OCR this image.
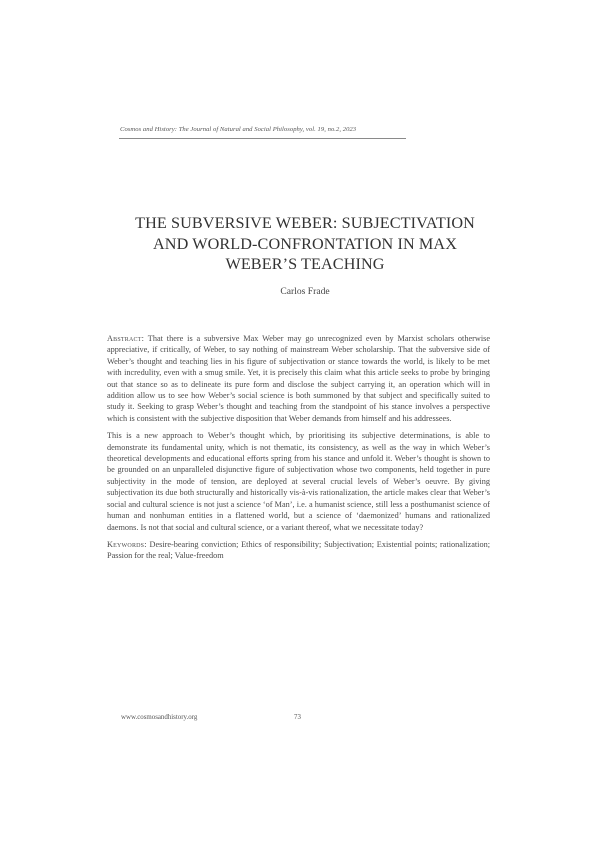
Cosmos and History: The Journal of Natural and Social Philosophy, vol. 19, no.2, 2023
THE SUBVERSIVE WEBER: SUBJECTIVATION
AND WORLD-CONFRONTATION IN MAX
WEBER’S TEACHING
Carlos Frade

Abstract: That there is a subversive Max Weber may go unrecognized even by Marxist scholars otherwise appreciative, if critically, of Weber, to say nothing of mainstream Weber scholarship. That the subversive side of Weber’s thought and teaching lies in his figure of subjectivation or stance towards the world, is likely to be met with incredulity, even with a smug smile. Yet, it is precisely this claim what this article seeks to probe by bringing out that stance so as to delineate its pure form and disclose the subject carrying it, an operation which will in addition allow us to see how Weber’s social science is both summoned by that subject and specifically suited to study it. Seeking to grasp Weber’s thought and teaching from the standpoint of his stance involves a perspective which is consistent with the subjective disposition that Weber demands from himself and his addressees.

This is a new approach to Weber’s thought which, by prioritising its subjective determinations, is able to demonstrate its fundamental unity, which is not thematic, its consistency, as well as the way in which Weber’s theoretical developments and educational efforts spring from his stance and unfold it. Weber’s thought is shown to be grounded on an unparalleled disjunctive figure of subjectivation whose two components, held together in pure subjectivity in the mode of tension, are deployed at several crucial levels of Weber’s oeuvre. By giving subjectivation its due both structurally and historically vis-à-vis rationalization, the article makes clear that Weber’s social and cultural science is not just a science ‘of Man’, i.e. a humanist science, still less a posthumanist science of human and nonhuman entities in a flattened world, but a science of ‘daemonized’ humans and rationalized daemons. Is not that social and cultural science, or a variant thereof, what we necessitate today?

Keywords: Desire-bearing conviction; Ethics of responsibility; Subjectivation; Existential points; rationalization; Passion for the real; Value-freedom

www.cosmosandhistory.org	73
